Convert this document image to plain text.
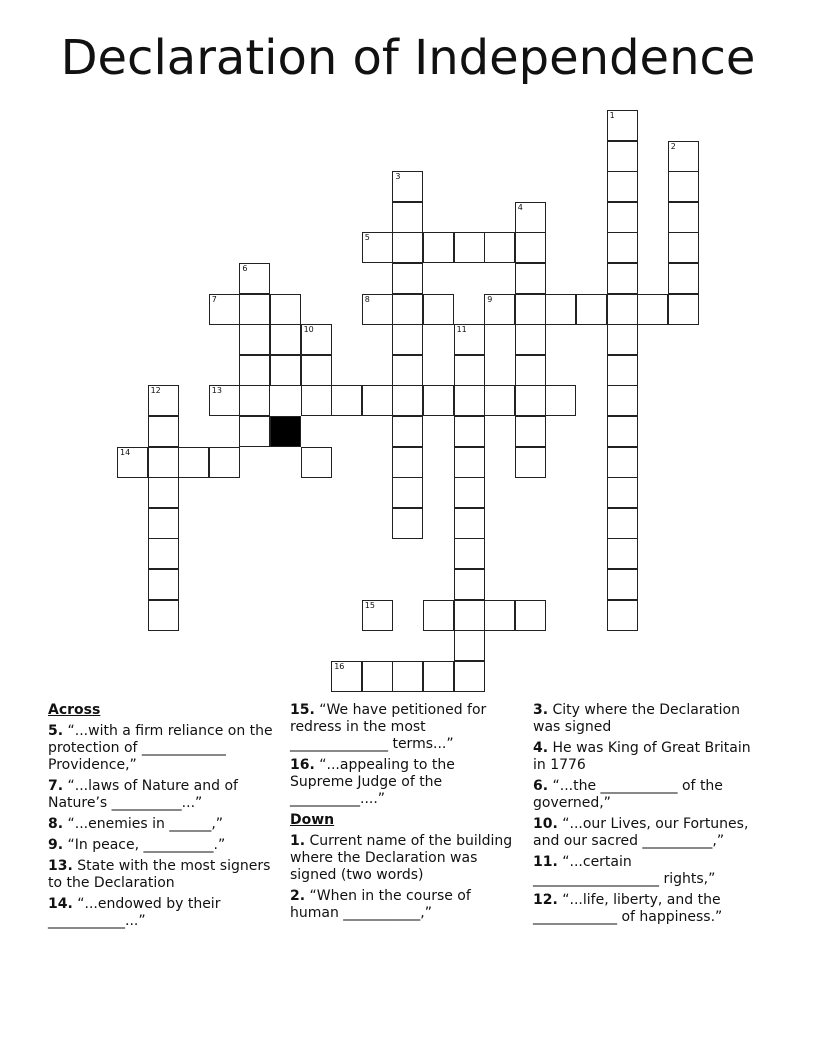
Declaration of Independence
1
2
3
4
5
6
7	8	9
10	11
12	13
14
15
16
Across
5. “...with a firm reliance on the protection of ____________ Providence,”
7. “...laws of Nature and of Nature’s __________...”
8. “...enemies in ______,”
9. “In peace, __________.”
13. State with the most signers to the Declaration
14. “...endowed by their ___________...”
15. “We have petitioned for redress in the most ______________ terms...”
16. “...appealing to the Supreme Judge of the __________....”
Down
1. Current name of the building where the Declaration was signed (two words)
2. “When in the course of human ___________,”
3. City where the Declaration was signed
4. He was King of Great Britain in 1776
6. “...the ___________ of the governed,”
10. “...our Lives, our Fortunes, and our sacred __________,”
11. “...certain __________________ rights,”
12. “...life, liberty, and the ____________ of happiness.”
